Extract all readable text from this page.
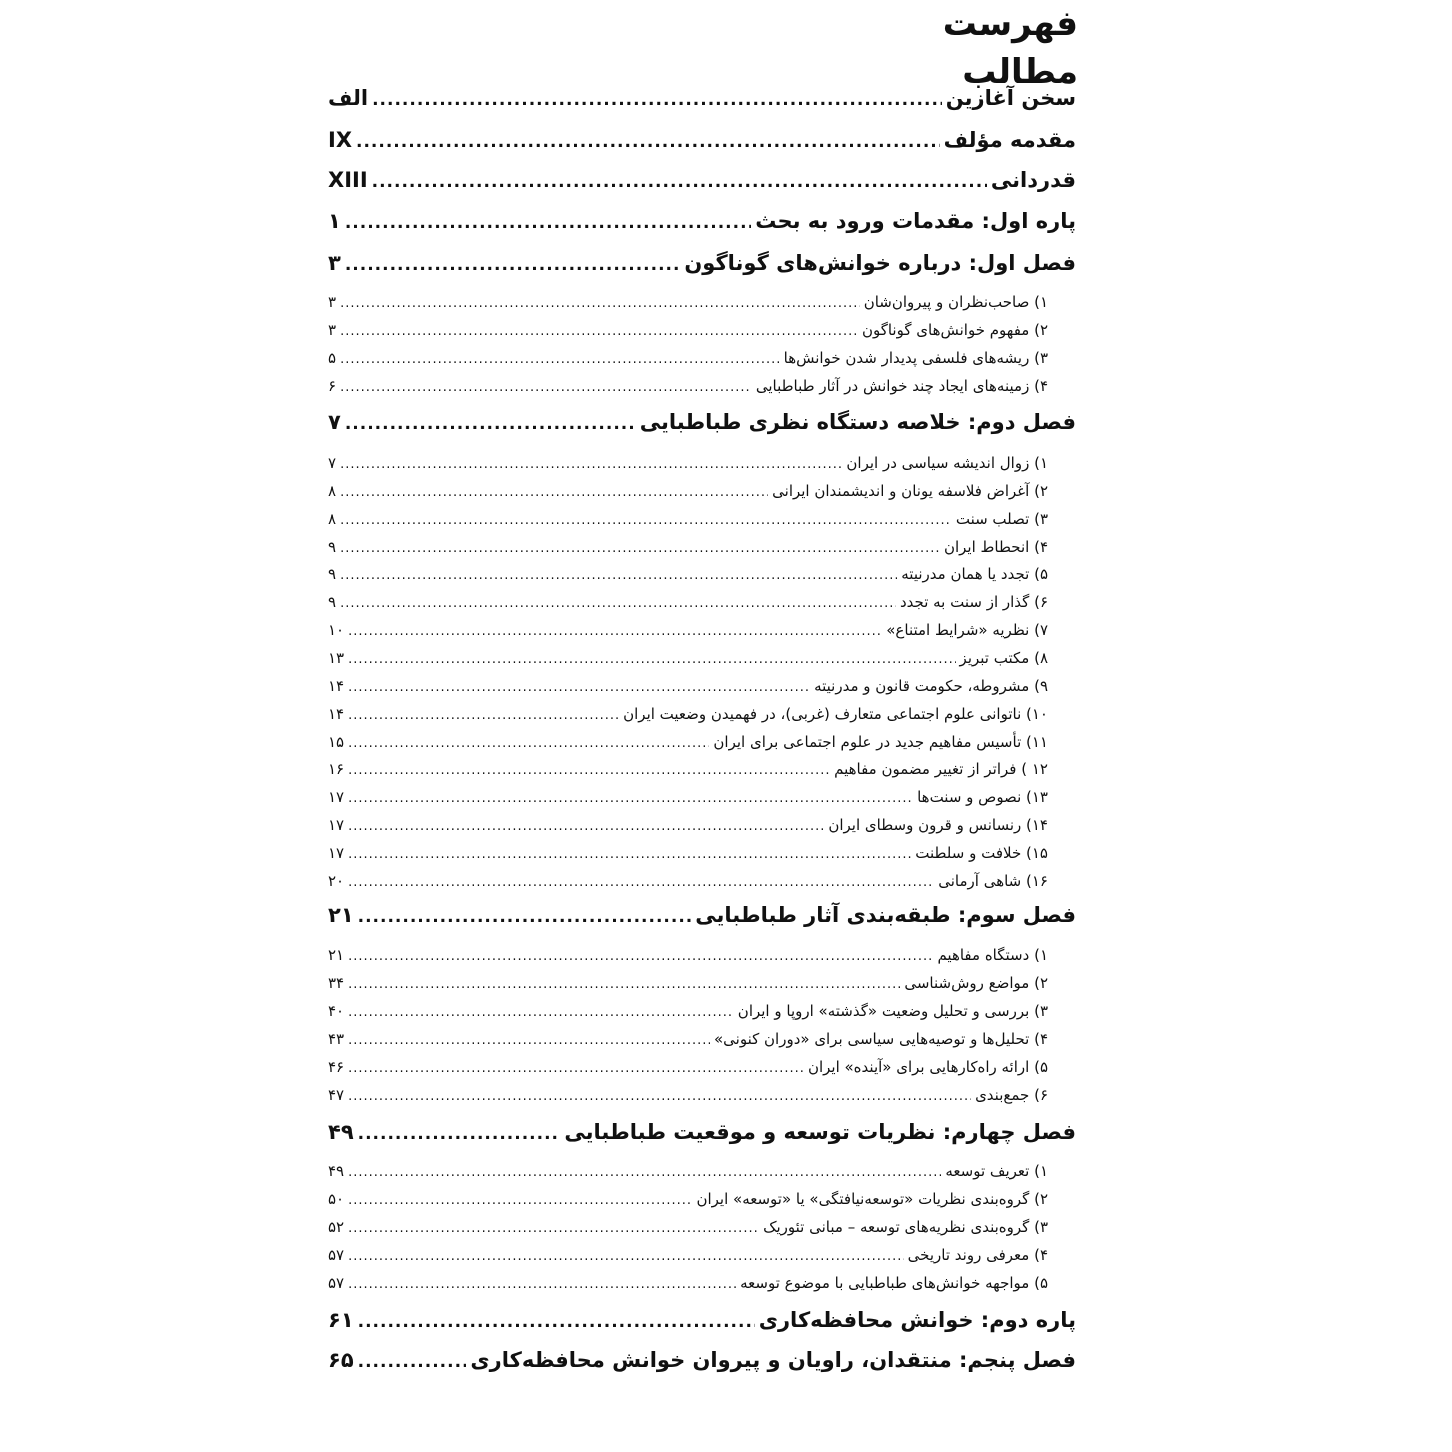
فهرست مطالب
سخن آغازین
.....
الف
مقدمه مؤلف
.....
IX
قدردانی
.....
XIII
پاره اول: مقدمات ورود به بحث
.....
۱
فصل اول: درباره خوانش‌های گوناگون
.....
۳
۱) صاحب‌نظران و پیروان‌شان
.....
۳
۲) مفهوم خوانش‌های گوناگون
.....
۳
۳) ریشه‌های فلسفی پدیدار شدن خوانش‌ها
.....
۵
۴) زمینه‌های ایجاد چند خوانش در آثار طباطبایی
.....
۶
فصل دوم: خلاصه دستگاه نظری طباطبایی
.....
۷
۱) زوال اندیشه سیاسی در ایران
.....
۷
۲) آغراض فلاسفه یونان و اندیشمندان ایرانی
.....
۸
۳) تصلب سنت
.....
۸
۴) انحطاط ایران
.....
۹
۵) تجدد یا همان مدرنیته
.....
۹
۶) گذار از سنت به تجدد
.....
۹
۷) نظریه «شرایط امتناع»
.....
۱۰
۸) مکتب تبریز
.....
۱۳
۹) مشروطه، حکومت قانون و مدرنیته
.....
۱۴
۱۰) ناتوانی علوم اجتماعی متعارف (غربی)، در فهمیدن وضعیت ایران
.....
۱۴
۱۱) تأسیس مفاهیم جدید در علوم اجتماعی برای ایران
.....
۱۵
۱۲ ) فراتر از تغییر مضمون مفاهیم
.....
۱۶
۱۳) نصوص و سنت‌ها
.....
۱۷
۱۴) رنسانس و قرون وسطای ایران
.....
۱۷
۱۵) خلافت و سلطنت
.....
۱۷
۱۶) شاهی آرمانی
.....
۲۰
فصل سوم: طبقه‌بندی آثار طباطبایی
.....
۲۱
۱) دستگاه مفاهیم
.....
۲۱
۲) مواضع روش‌شناسی
.....
۳۴
۳) بررسی و تحلیل وضعیت «گذشته» اروپا و ایران
.....
۴۰
۴) تحلیل‌ها و توصیه‌هایی سیاسی برای «دوران کنونی»
.....
۴۳
۵) ارائه راه‌کارهایی برای «آینده» ایران
.....
۴۶
۶) جمع‌بندی
.....
۴۷
فصل چهارم: نظریات توسعه و موقعیت طباطبایی
.....
۴۹
۱) تعریف توسعه
.....
۴۹
۲) گروه‌بندی نظریات «توسعه‌نیافتگی» یا «توسعه» ایران
.....
۵۰
۳) گروه‌بندی نظریه‌های توسعه – مبانی تئوریک
.....
۵۲
۴) معرفی روند تاریخی
.....
۵۷
۵) مواجهه خوانش‌های طباطبایی با موضوع توسعه
.....
۵۷
پاره دوم: خوانش محافظه‌کاری
.....
۶۱
فصل پنجم: منتقدان، راویان و پیروان خوانش محافظه‌کاری
.....
۶۵
